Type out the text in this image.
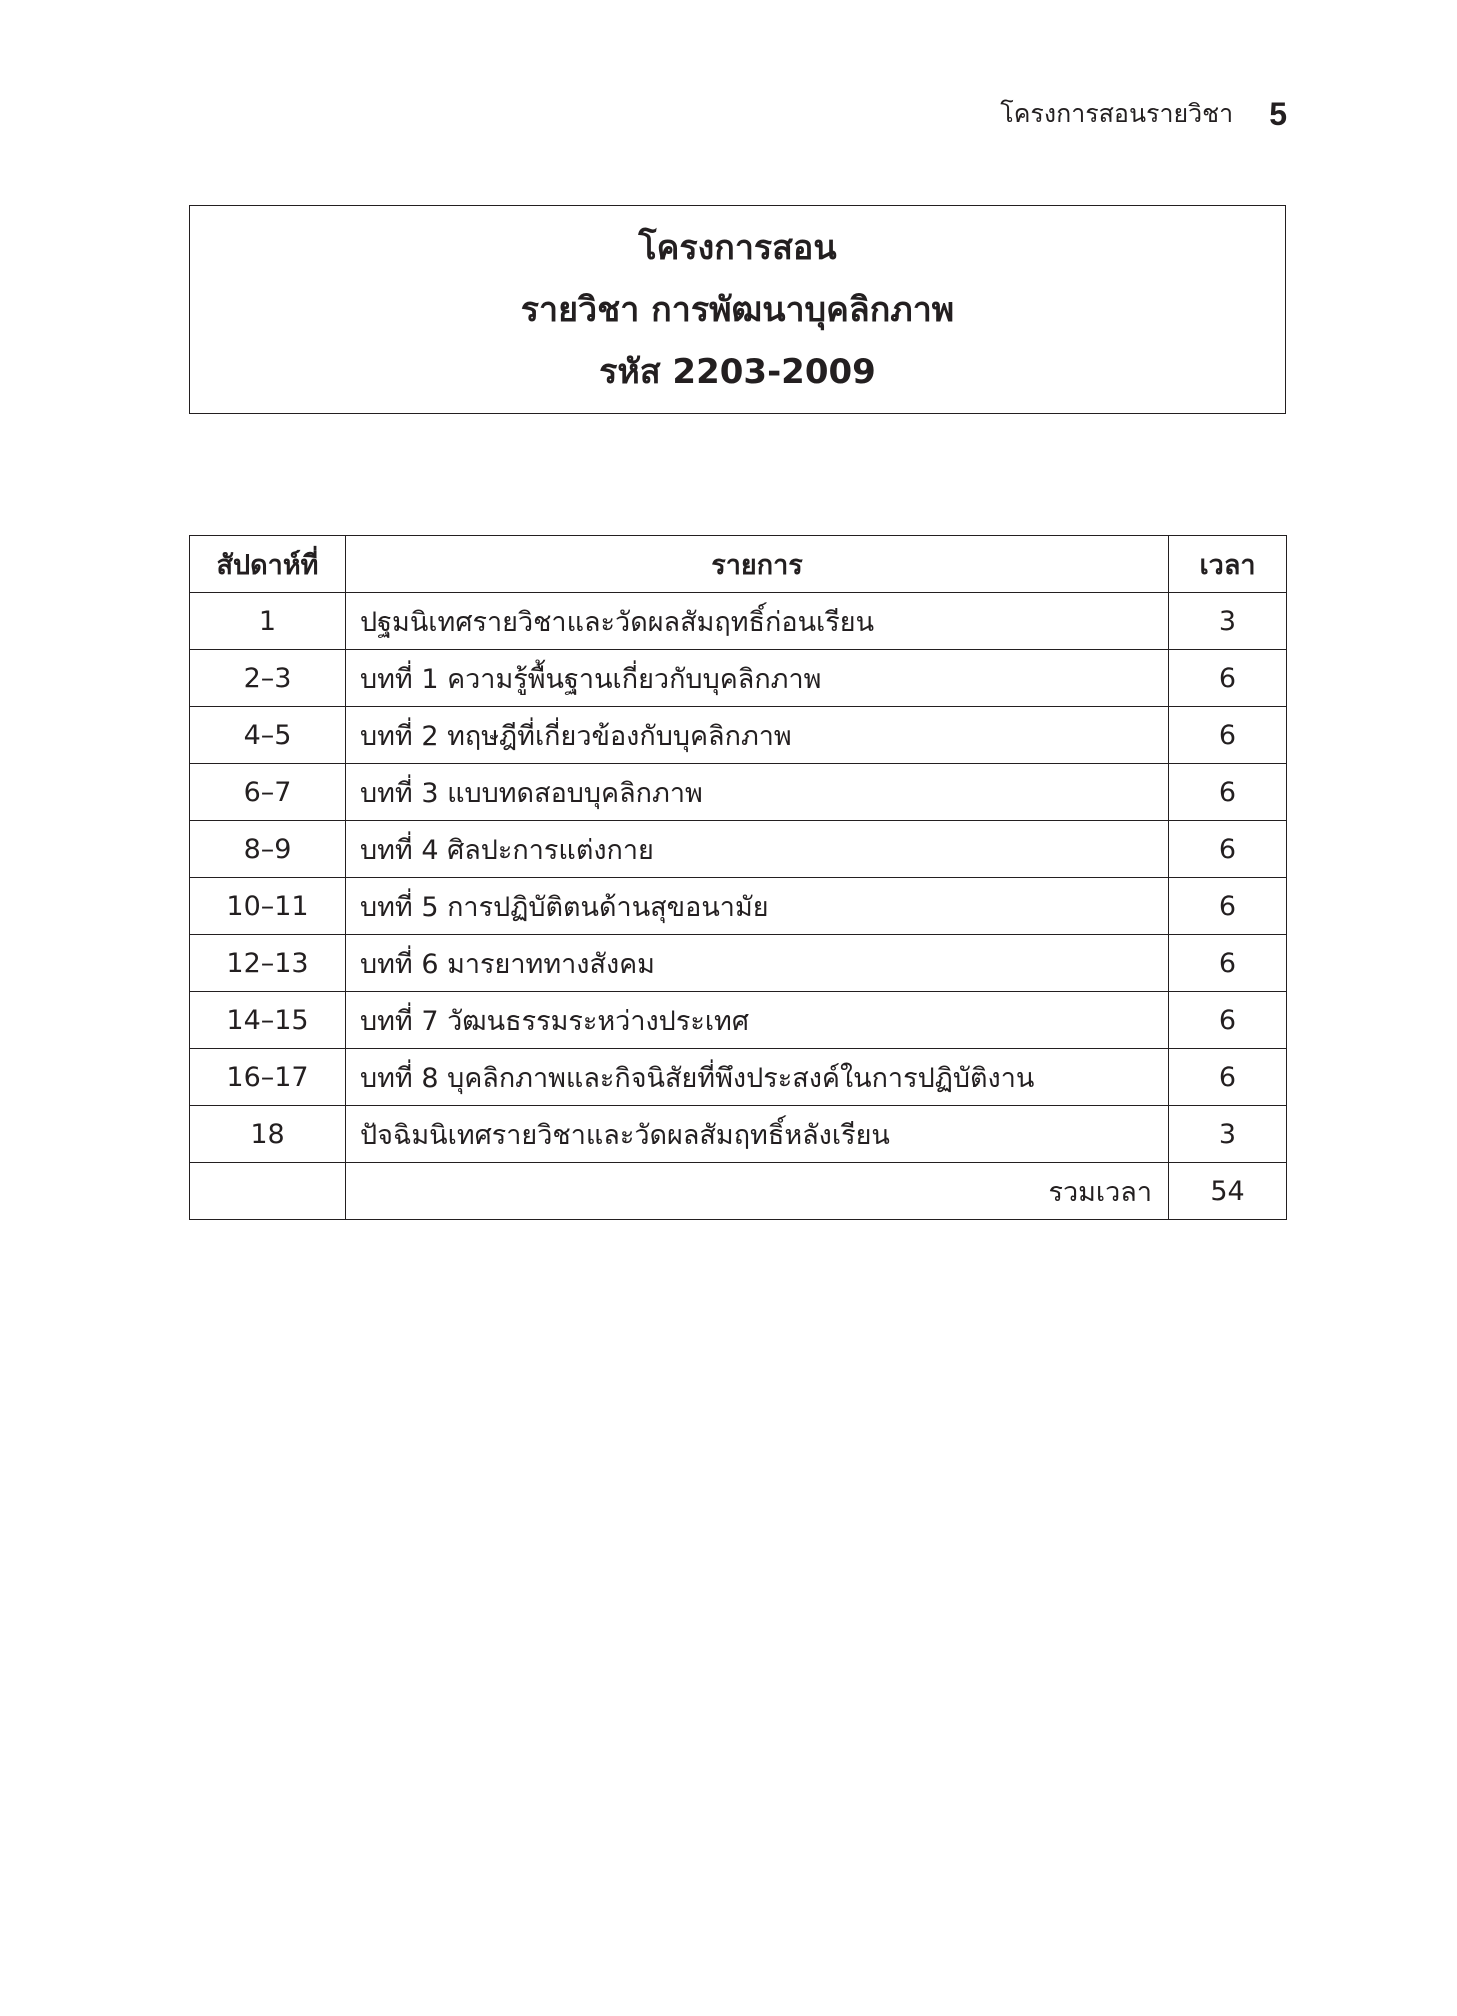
โครงการสอนรายวิชา 5
โครงการสอน
รายวิชา การพัฒนาบุคลิกภาพ
รหัส 2203-2009
สัปดาห์ที่	รายการ	เวลา
1	ปฐมนิเทศรายวิชาและวัดผลสัมฤทธิ์ก่อนเรียน	3
2–3	บทที่ 1 ความรู้พื้นฐานเกี่ยวกับบุคลิกภาพ	6
4–5	บทที่ 2 ทฤษฎีที่เกี่ยวข้องกับบุคลิกภาพ	6
6–7	บทที่ 3 แบบทดสอบบุคลิกภาพ	6
8–9	บทที่ 4 ศิลปะการแต่งกาย	6
10–11	บทที่ 5 การปฏิบัติตนด้านสุขอนามัย	6
12–13	บทที่ 6 มารยาททางสังคม	6
14–15	บทที่ 7 วัฒนธรรมระหว่างประเทศ	6
16–17	บทที่ 8 บุคลิกภาพและกิจนิสัยที่พึงประสงค์ในการปฏิบัติงาน	6
18	ปัจฉิมนิเทศรายวิชาและวัดผลสัมฤทธิ์หลังเรียน	3
	รวมเวลา	54
